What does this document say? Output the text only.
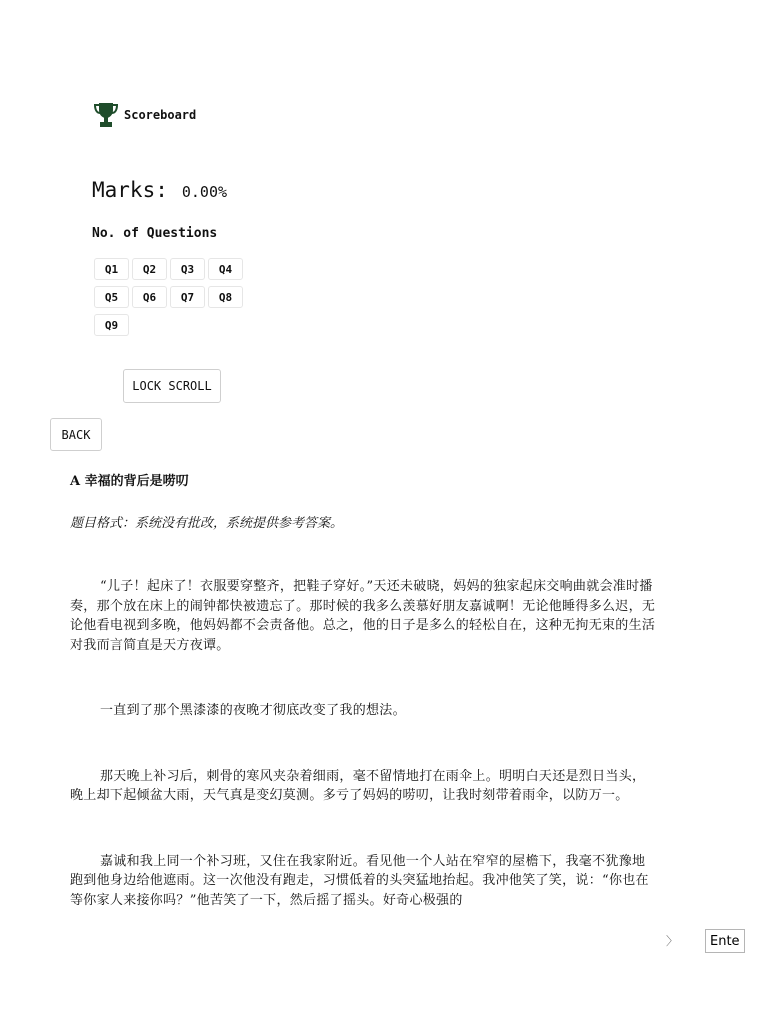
Scoreboard
Marks: 0.00%
No. of Questions
Q1	Q2	Q3	Q4
Q5	Q6	Q7	Q8
Q9
LOCK SCROLL
BACK

A 幸福的背后是唠叨

题目格式：系统没有批改，系统提供参考答案。

“儿子！起床了！衣服要穿整齐，把鞋子穿好。”天还未破晓，妈妈的独家起床交响曲就会准时播奏，那个放在床上的闹钟都快被遗忘了。那时候的我多么羡慕好朋友嘉诚啊！无论他睡得多么迟，无论他看电视到多晚，他妈妈都不会责备他。总之，他的日子是多么的轻松自在，这种无拘无束的生活对我而言简直是天方夜谭。

一直到了那个黑漆漆的夜晚才彻底改变了我的想法。

那天晚上补习后，刺骨的寒风夹杂着细雨，毫不留情地打在雨伞上。明明白天还是烈日当头，晚上却下起倾盆大雨，天气真是变幻莫测。多亏了妈妈的唠叨，让我时刻带着雨伞，以防万一。

嘉诚和我上同一个补习班，又住在我家附近。看见他一个人站在窄窄的屋檐下，我毫不犹豫地跑到他身边给他遮雨。这一次他没有跑走，习惯低着的头突猛地抬起。我冲他笑了笑，说：“你也在等你家人来接你吗？”他苦笑了一下，然后摇了摇头。好奇心极强的

〉
Enter
